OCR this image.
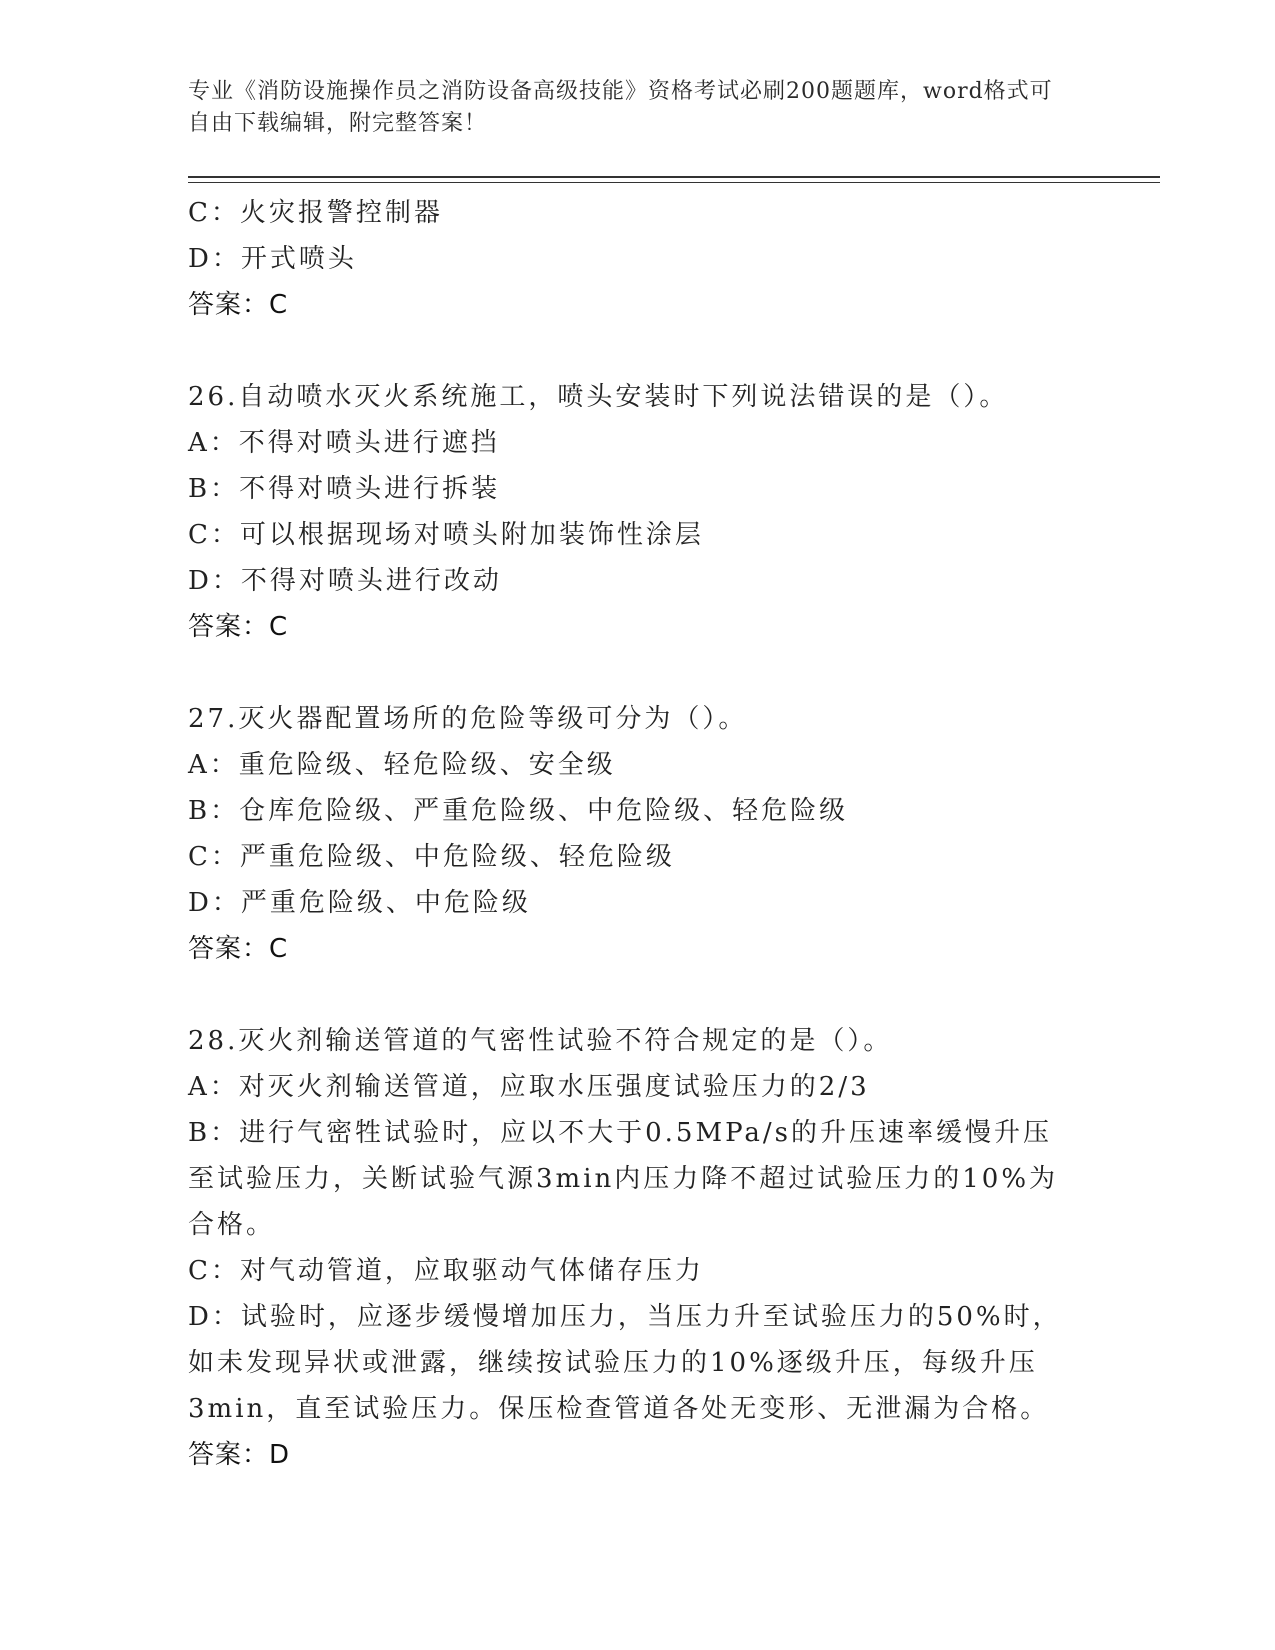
专业《消防设施操作员之消防设备高级技能》资格考试必刷200题题库，word格式可自由下载编辑，附完整答案！
C：火灾报警控制器
D：开式喷头
答案：C
26.自动喷水灭火系统施工，喷头安装时下列说法错误的是（）。
A：不得对喷头进行遮挡
B：不得对喷头进行拆装
C：可以根据现场对喷头附加装饰性涂层
D：不得对喷头进行改动
答案：C
27.灭火器配置场所的危险等级可分为（）。
A：重危险级、轻危险级、安全级
B：仓库危险级、严重危险级、中危险级、轻危险级
C：严重危险级、中危险级、轻危险级
D：严重危险级、中危险级
答案：C
28.灭火剂输送管道的气密性试验不符合规定的是（）。
A：对灭火剂输送管道，应取水压强度试验压力的2/3
B：进行气密牲试验时，应以不大于0.5MPa/s的升压速率缓慢升压至试验压力，关断试验气源3min内压力降不超过试验压力的10%为合格。
C：对气动管道，应取驱动气体储存压力
D：试验时，应逐步缓慢增加压力，当压力升至试验压力的50%时，如未发现异状或泄露，继续按试验压力的10%逐级升压，每级升压3min，直至试验压力。保压检查管道各处无变形、无泄漏为合格。
答案：D
